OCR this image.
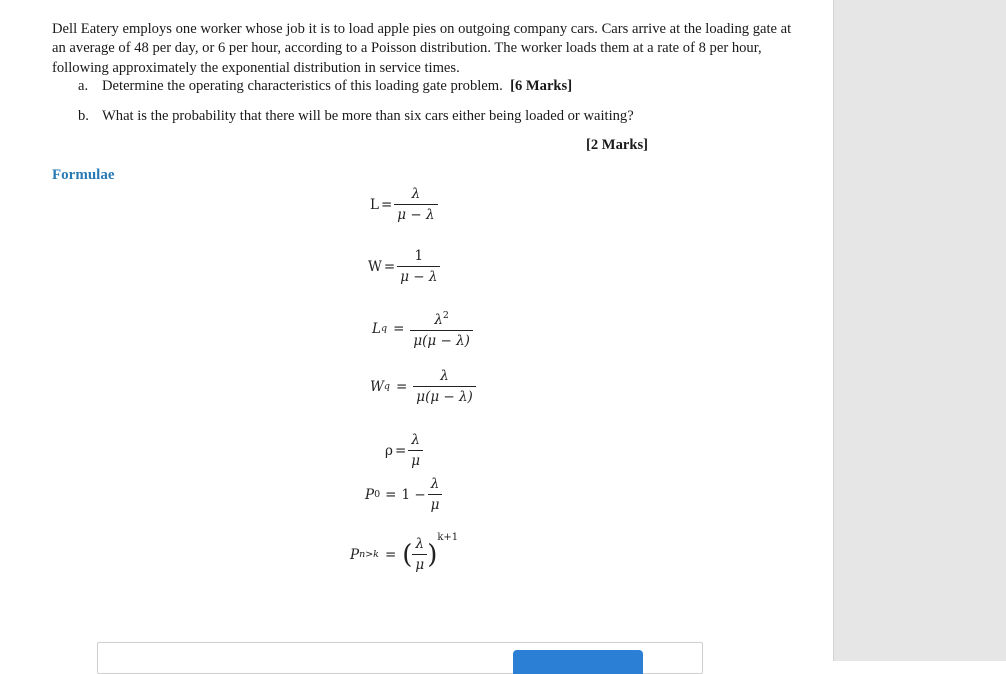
Dell Eatery employs one worker whose job it is to load apple pies on outgoing company cars. Cars arrive at the loading gate at an average of 48 per day, or 6 per hour, according to a Poisson distribution. The worker loads them at a rate of 8 per hour, following approximately the exponential distribution in service times.
a. Determine the operating characteristics of this loading gate problem. [6 Marks]
b. What is the probability that there will be more than six cars either being loaded or waiting?
[2 Marks]
Formulae
$L = \frac{\lambda}{\mu - \lambda}$
$W = \frac{1}{\mu - \lambda}$
L $q = \frac{\lambda^2}{\mu(\mu - \lambda)}$
W $q = \frac{\lambda}{\mu(\mu - \lambda)}$
$\rho = \frac{\lambda}{\mu}$
P $0 = 1 - \frac{\lambda}{\mu}$
P n>k = ( $\frac{\lambda}{\mu}$ )
k+1
